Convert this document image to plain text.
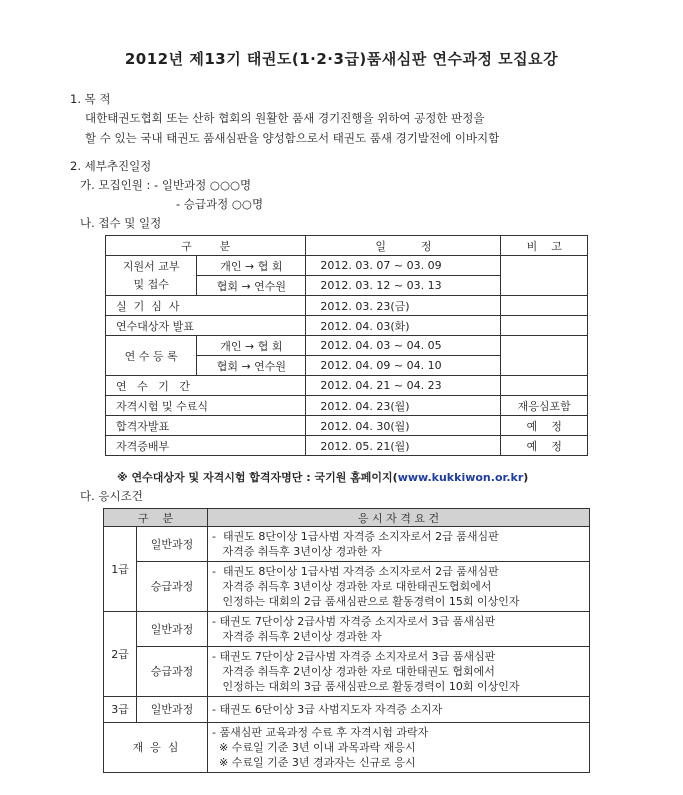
2012년 제13기 태권도(1·2·3급)품새심판 연수과정 모집요강
1. 목 적
대한태권도협회 또는 산하 협회의 원활한 품새 경기진행을 위하여 공정한 판정을
할 수 있는 국내 태권도 품새심판을 양성함으로서 태권도 품새 경기발전에 이바지함
2. 세부추진일정
가. 모집인원 : - 일반과정 ○○○명
- 승급과정 ○○명
나. 접수 및 일정
구        분		일          정	비    고
지원서 교부
및 접수	개인 → 협 회	2012. 03. 07 ~ 03. 09	
	협회 → 연수원	2012. 03. 12 ~ 03. 13	
실  기  심  사		2012. 03. 23(금)	
연수대상자 발표		2012. 04. 03(화)	
연 수 등 록	개인 → 협 회	2012. 04. 03 ~ 04. 05	
	협회 → 연수원	2012. 04. 09 ~ 04. 10	
연   수   기   간		2012. 04. 21 ~ 04. 23	
자격시험 및 수료식		2012. 04. 23(월)	재응심포함
합격자발표		2012. 04. 30(월)	예    정
자격증배부		2012. 05. 21(월)	예    정
※ 연수대상자 및 자격시험 합격자명단 : 국기원 홈페이지(www.kukkiwon.or.kr)
다. 응시조건
구    분		응 시 자 격 요 건
1급	일반과정	-  태권도 8단이상 1급사범 자격증 소지자로서 2급 품새심판
자격증 취득후 3년이상 경과한 자
	승급과정	-  태권도 8단이상 1급사범 자격증 소지자로서 2급 품새심판
자격증 취득후 3년이상 경과한 자로 대한태권도협회에서
인정하는 대회의 2급 품새심판으로 활동경력이 15회 이상인자
2급	일반과정	- 태권도 7단이상 2급사범 자격증 소지자로서 3급 품새심판
자격증 취득후 2년이상 경과한 자
	승급과정	- 태권도 7단이상 2급사범 자격증 소지자로서 3급 품새심판
자격증 취득후 2년이상 경과한 자로 대한태권도 협회에서
인정하는 대회의 3급 품새심판으로 활동경력이 10회 이상인자
3급	일반과정	- 태권도 6단이상 3급 사범지도자 자격증 소지자
재  응  심		- 품새심판 교육과정 수료 후 자격시험 과락자
※ 수료일 기준 3년 이내 과목과락 재응시
※ 수료일 기준 3년 경과자는 신규로 응시
